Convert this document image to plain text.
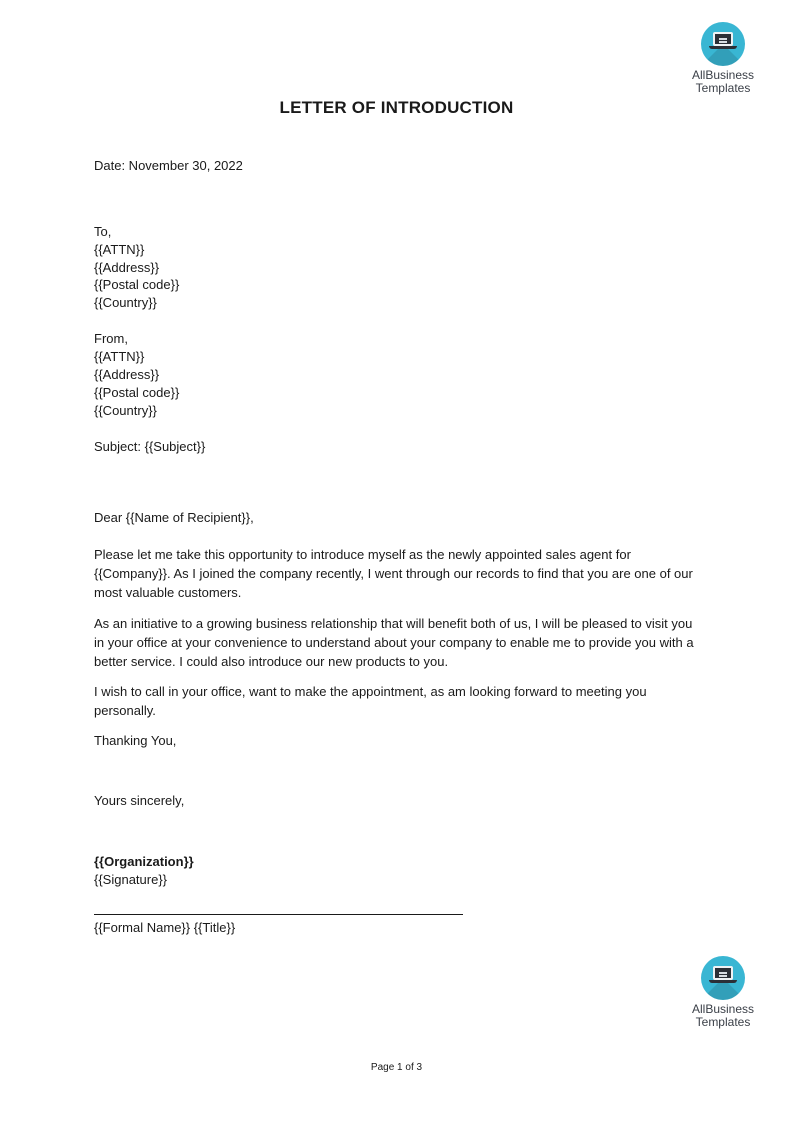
AllBusiness
Templates
LETTER OF INTRODUCTION
Date: November 30, 2022
To,
{{ATTN}}
{{Address}}
{{Postal code}}
{{Country}}
From,
{{ATTN}}
{{Address}}
{{Postal code}}
{{Country}}
Subject: {{Subject}}
Dear {{Name of Recipient}},
Please let me take this opportunity to introduce myself as the newly appointed sales agent for {{Company}}. As I joined the company recently, I went through our records to find that you are one of our most valuable customers.
As an initiative to a growing business relationship that will benefit both of us, I will be pleased to visit you in your office at your convenience to understand about your company to enable me to provide you with a better service. I could also introduce our new products to you.
I wish to call in your office, want to make the appointment, as am looking forward to meeting you personally.
Thanking You,
Yours sincerely,
{{Organization}}
{{Signature}}
{{Formal Name}} {{Title}}
AllBusiness
Templates
Page 1 of 3
